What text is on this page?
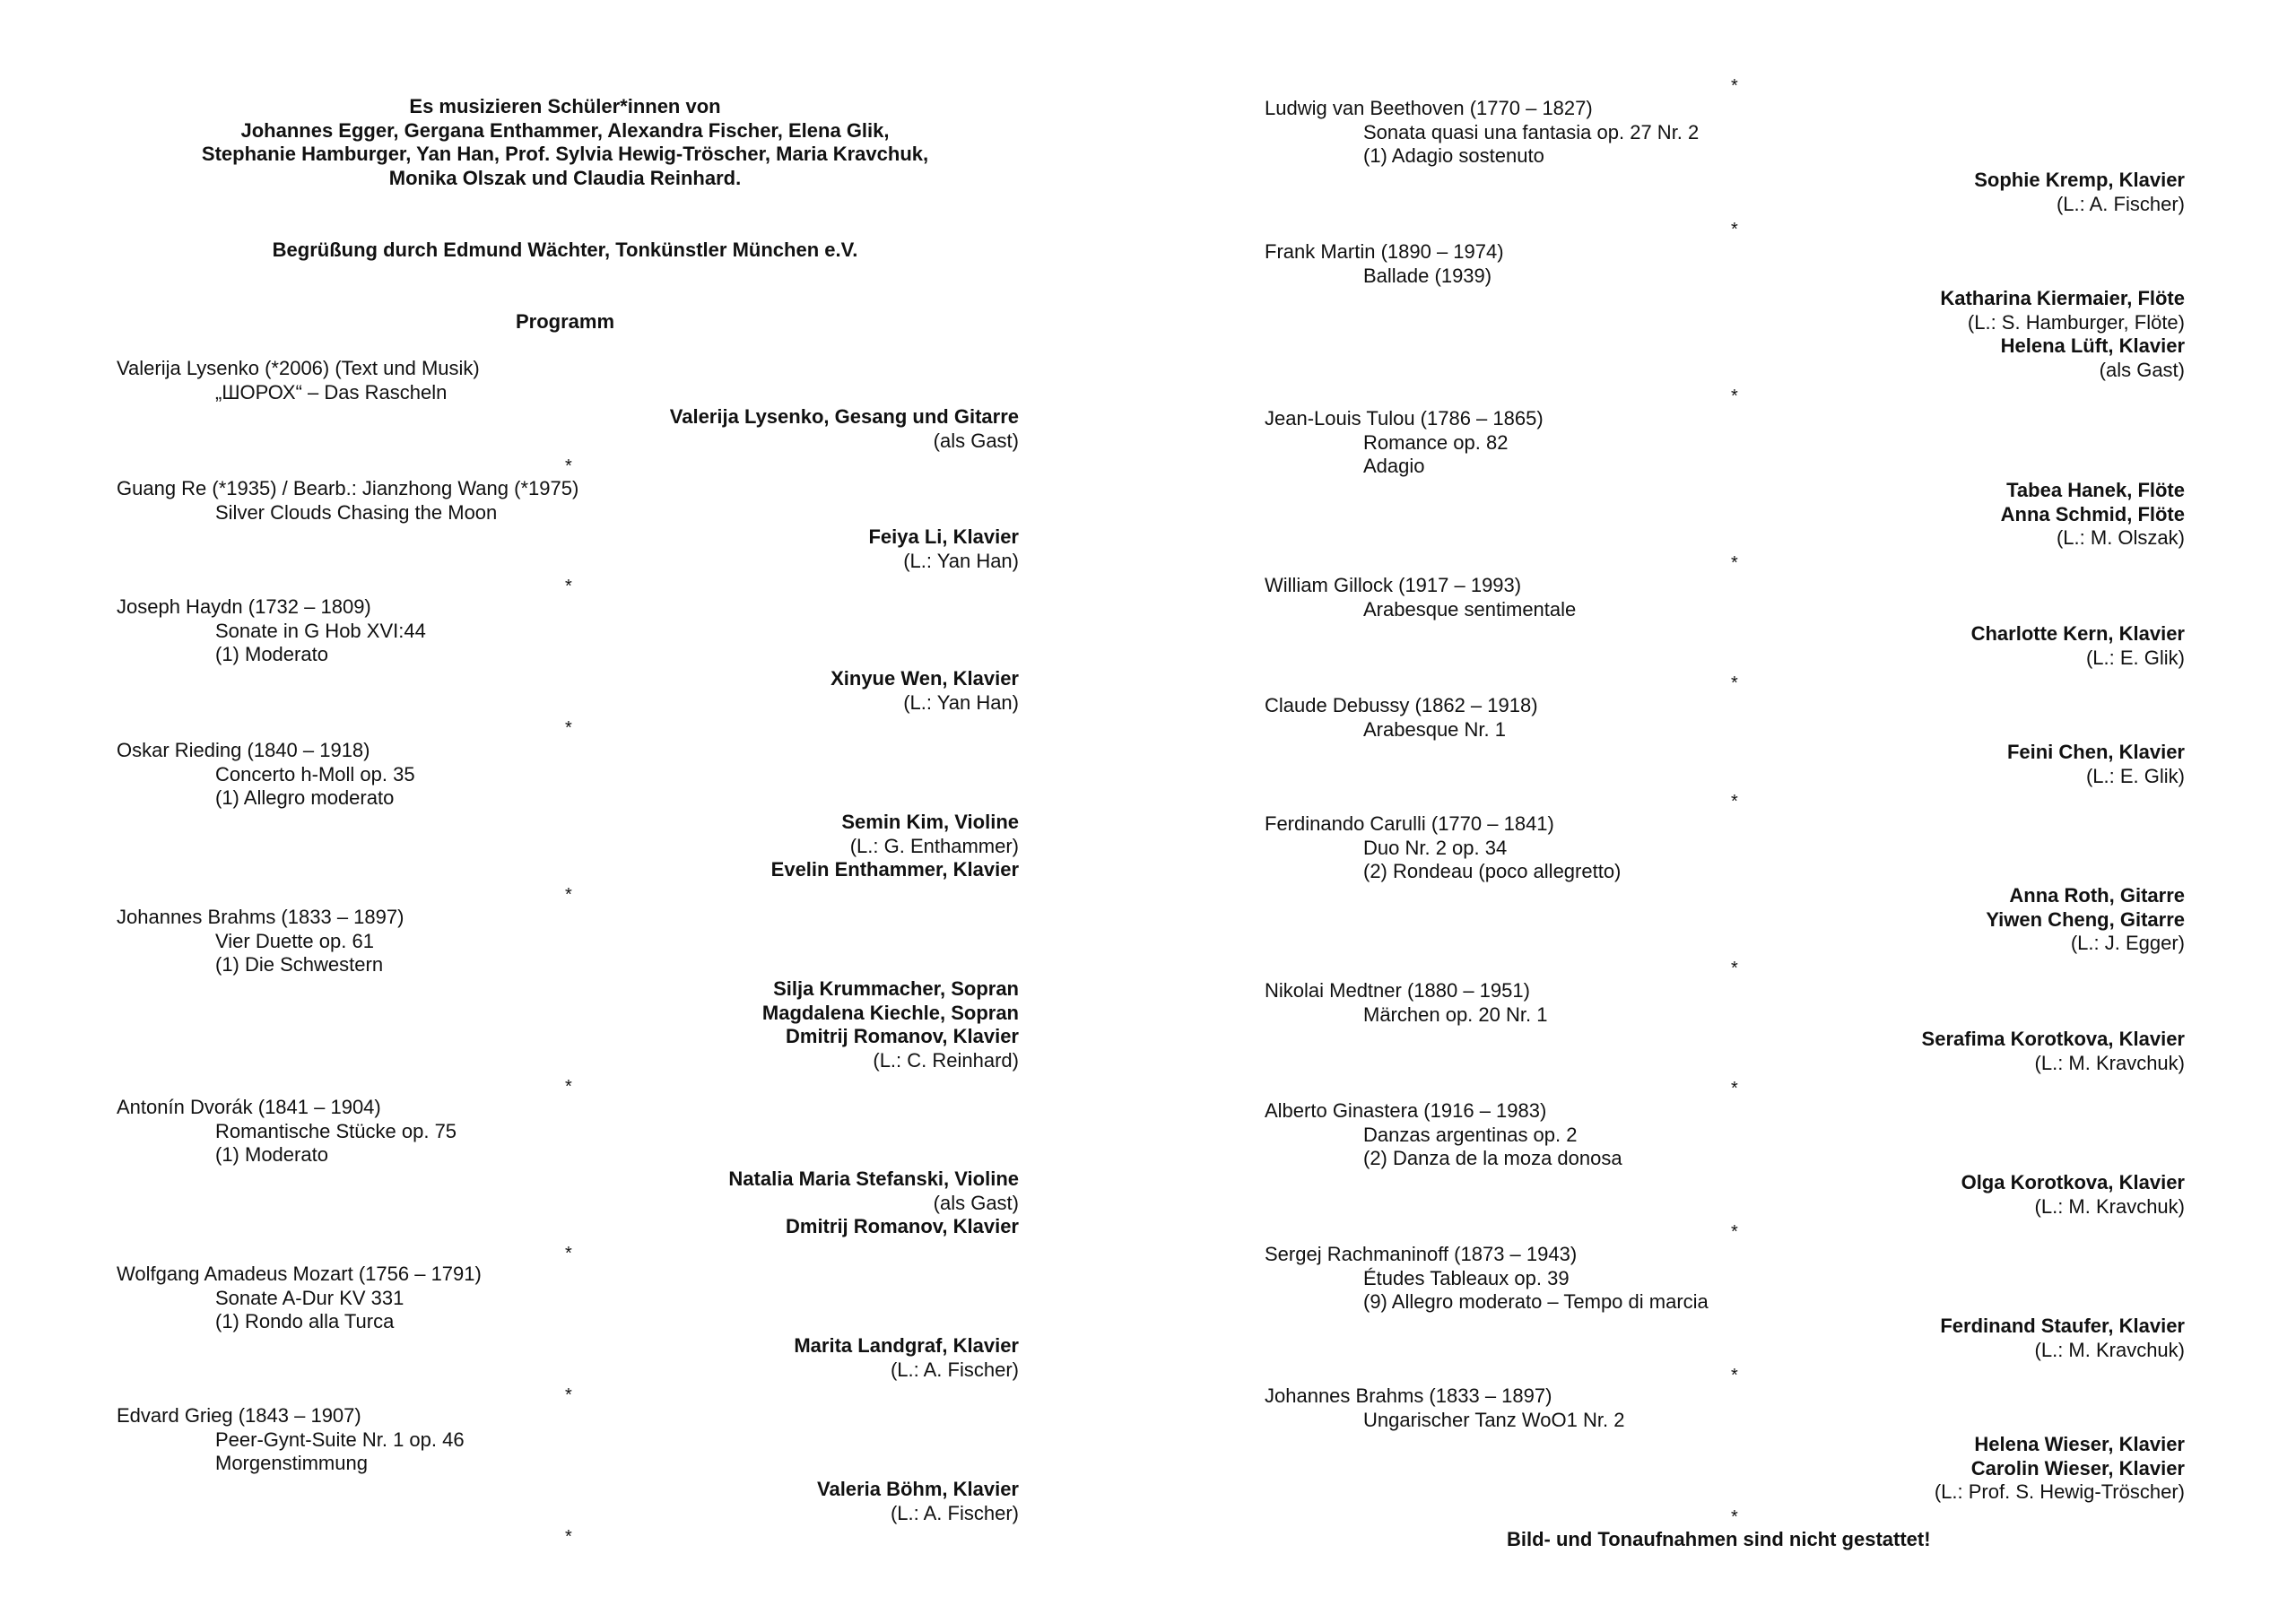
Es musizieren Schüler*innen von
Johannes Egger, Gergana Enthammer, Alexandra Fischer, Elena Glik,
Stephanie Hamburger, Yan Han, Prof. Sylvia Hewig-Tröscher, Maria Kravchuk,
Monika Olszak und Claudia Reinhard.
Begrüßung durch Edmund Wächter, Tonkünstler München e.V.
Programm
Valerija Lysenko (*2006) (Text und Musik)
„ШОРОХ“ – Das Rascheln
Valerija Lysenko, Gesang und Gitarre
(als Gast)
*
Guang Re (*1935) / Bearb.: Jianzhong Wang (*1975)
Silver Clouds Chasing the Moon
Feiya Li, Klavier
(L.: Yan Han)
*
Joseph Haydn (1732 – 1809)
Sonate in G Hob XVI:44
(1) Moderato
Xinyue Wen, Klavier
(L.: Yan Han)
*
Oskar Rieding (1840 – 1918)
Concerto h-Moll op. 35
(1) Allegro moderato
Semin Kim, Violine
(L.: G. Enthammer)
Evelin Enthammer, Klavier
*
Johannes Brahms (1833 – 1897)
Vier Duette op. 61
(1) Die Schwestern
Silja Krummacher, Sopran
Magdalena Kiechle, Sopran
Dmitrij Romanov, Klavier
(L.: C. Reinhard)
*
Antonín Dvorák (1841 – 1904)
Romantische Stücke op. 75
(1) Moderato
Natalia Maria Stefanski, Violine
(als Gast)
Dmitrij Romanov, Klavier
*
Wolfgang Amadeus Mozart (1756 – 1791)
Sonate A-Dur KV 331
(1) Rondo alla Turca
Marita Landgraf, Klavier
(L.: A. Fischer)
*
Edvard Grieg (1843 – 1907)
Peer-Gynt-Suite Nr. 1 op. 46
Morgenstimmung
Valeria Böhm, Klavier
(L.: A. Fischer)
*
*
Ludwig van Beethoven (1770 – 1827)
Sonata quasi una fantasia op. 27 Nr. 2
(1) Adagio sostenuto
Sophie Kremp, Klavier
(L.: A. Fischer)
*
Frank Martin (1890 – 1974)
Ballade (1939)
Katharina Kiermaier, Flöte
(L.: S. Hamburger, Flöte)
Helena Lüft, Klavier
(als Gast)
*
Jean-Louis Tulou (1786 – 1865)
Romance op. 82
Adagio
Tabea Hanek, Flöte
Anna Schmid, Flöte
(L.: M. Olszak)
*
William Gillock (1917 – 1993)
Arabesque sentimentale
Charlotte Kern, Klavier
(L.: E. Glik)
*
Claude Debussy (1862 – 1918)
Arabesque Nr. 1
Feini Chen, Klavier
(L.: E. Glik)
*
Ferdinando Carulli (1770 – 1841)
Duo Nr. 2 op. 34
(2) Rondeau (poco allegretto)
Anna Roth, Gitarre
Yiwen Cheng, Gitarre
(L.: J. Egger)
*
Nikolai Medtner (1880 – 1951)
Märchen op. 20 Nr. 1
Serafima Korotkova, Klavier
(L.: M. Kravchuk)
*
Alberto Ginastera (1916 – 1983)
Danzas argentinas op. 2
(2) Danza de la moza donosa
Olga Korotkova, Klavier
(L.: M. Kravchuk)
*
Sergej Rachmaninoff (1873 – 1943)
Études Tableaux op. 39
(9) Allegro moderato – Tempo di marcia
Ferdinand Staufer, Klavier
(L.: M. Kravchuk)
*
Johannes Brahms (1833 – 1897)
Ungarischer Tanz WoO1 Nr. 2
Helena Wieser, Klavier
Carolin Wieser, Klavier
(L.: Prof. S. Hewig-Tröscher)
*
Bild- und Tonaufnahmen sind nicht gestattet!
